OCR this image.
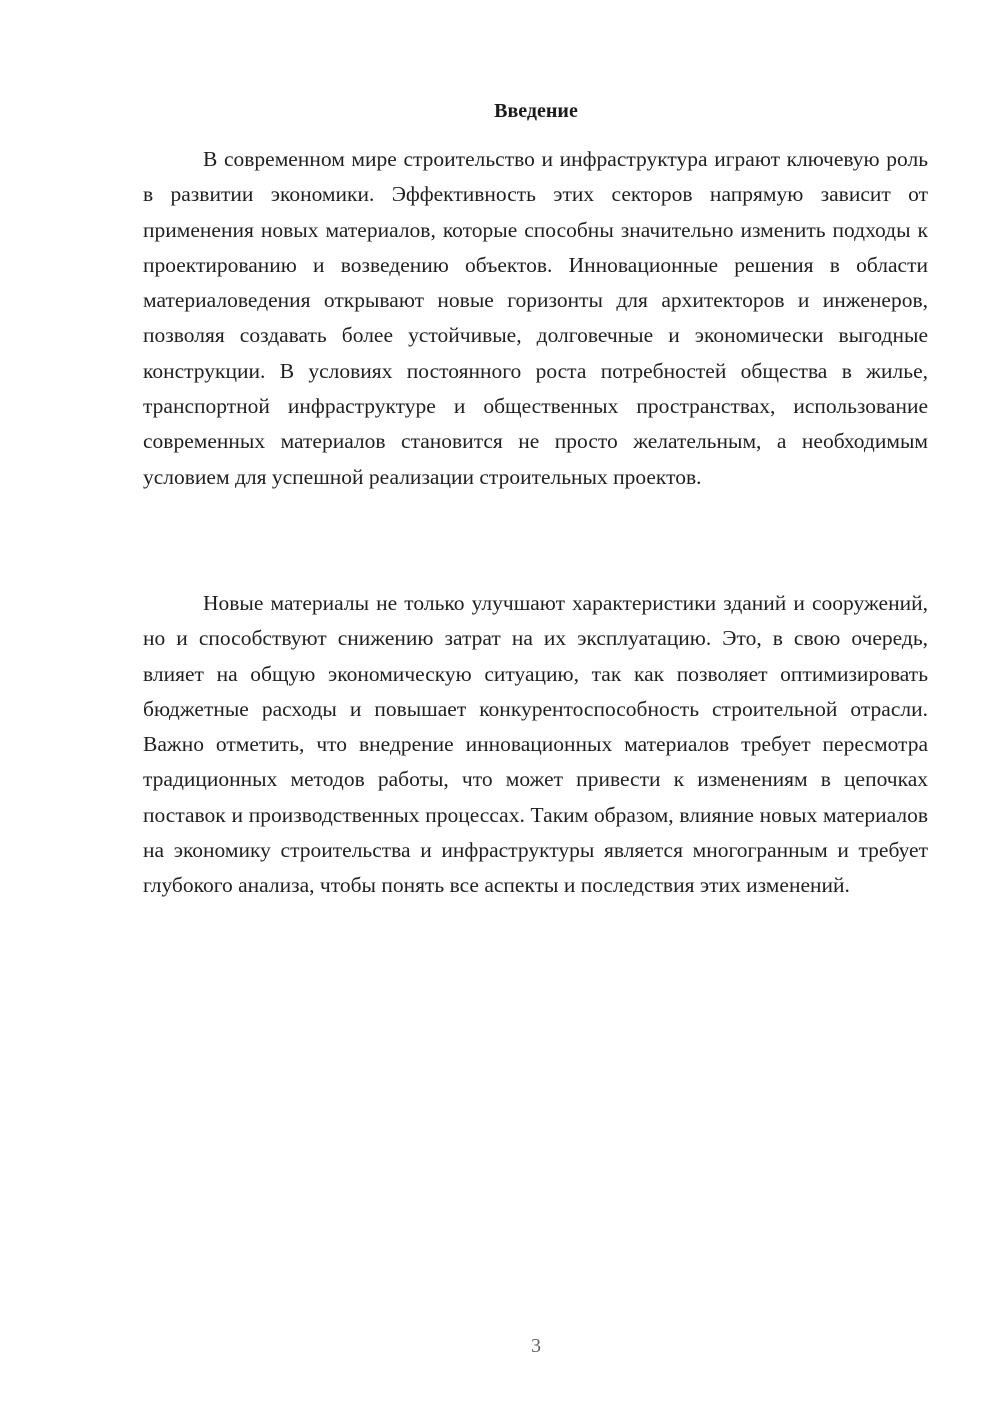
Введение

В современном мире строительство и инфраструктура играют ключевую роль в развитии экономики. Эффективность этих секторов напрямую зависит от применения новых материалов, которые способны значительно изменить подходы к проектированию и возведению объектов. Инновационные решения в области материаловедения открывают новые горизонты для архитекторов и инженеров, позволяя создавать более устойчивые, долговечные и экономически выгодные конструкции. В условиях постоянного роста потребностей общества в жилье, транспортной инфраструктуре и общественных пространствах, использование современных материалов становится не просто желательным, а необходимым условием для успешной реализации строительных проектов.

Новые материалы не только улучшают характеристики зданий и сооружений, но и способствуют снижению затрат на их эксплуатацию. Это, в свою очередь, влияет на общую экономическую ситуацию, так как позволяет оптимизировать бюджетные расходы и повышает конкурентоспособность строительной отрасли. Важно отметить, что внедрение инновационных материалов требует пересмотра традиционных методов работы, что может привести к изменениям в цепочках поставок и производственных процессах. Таким образом, влияние новых материалов на экономику строительства и инфраструктуры является многогранным и требует глубокого анализа, чтобы понять все аспекты и последствия этих изменений.

3
